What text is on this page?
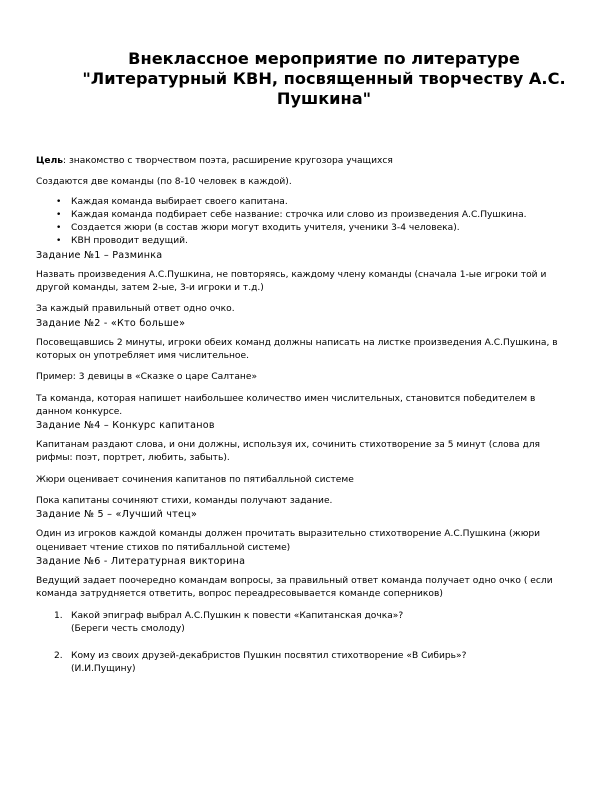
Внеклассное мероприятие по литературе
"Литературный КВН, посвященный творчеству А.С.
Пушкина"

Цель: знакомство с творчеством поэта, расширение кругозора учащихся

Создаются две команды (по 8-10 человек в каждой).

• Каждая команда выбирает своего капитана.
• Каждая команда подбирает себе название: строчка или слово из произведения А.С.Пушкина.
• Создается жюри (в состав жюри могут входить учителя, ученики 3-4 человека).
• КВН проводит ведущий.
Задание №1 – Разминка

Назвать произведения А.С.Пушкина, не повторяясь, каждому члену команды (сначала 1-ые игроки той и другой команды, затем 2-ые, 3-и игроки и т.д.)

За каждый правильный ответ одно очко.

Задание №2 - «Кто больше»

Посовещавшись 2 минуты, игроки обеих команд должны написать на листке произведения А.С.Пушкина, в которых он употребляет имя числительное.

Пример: 3 девицы в «Сказке о царе Салтане»

Та команда, которая напишет наибольшее количество имен числительных, становится победителем в данном конкурсе.

Задание №4 – Конкурс капитанов

Капитанам раздают слова, и они должны, используя их, сочинить стихотворение за 5 минут (слова для рифмы: поэт, портрет, любить, забыть).

Жюри оценивает сочинения капитанов по пятибалльной системе

Пока капитаны сочиняют стихи, команды получают задание.

Задание № 5 – «Лучший чтец»

Один из игроков каждой команды должен прочитать выразительно стихотворение А.С.Пушкина (жюри оценивает чтение стихов по пятибалльной системе)

Задание №6 - Литературная викторина

Ведущий задает поочередно командам вопросы, за правильный ответ команда получает одно очко ( если команда затрудняется ответить, вопрос переадресовывается команде соперников)

1. Какой эпиграф выбрал А.С.Пушкин к повести «Капитанская дочка»?
(Береги честь смолоду)
2. Кому из своих друзей-декабристов Пушкин посвятил стихотворение «В Сибирь»?
(И.И.Пущину)
